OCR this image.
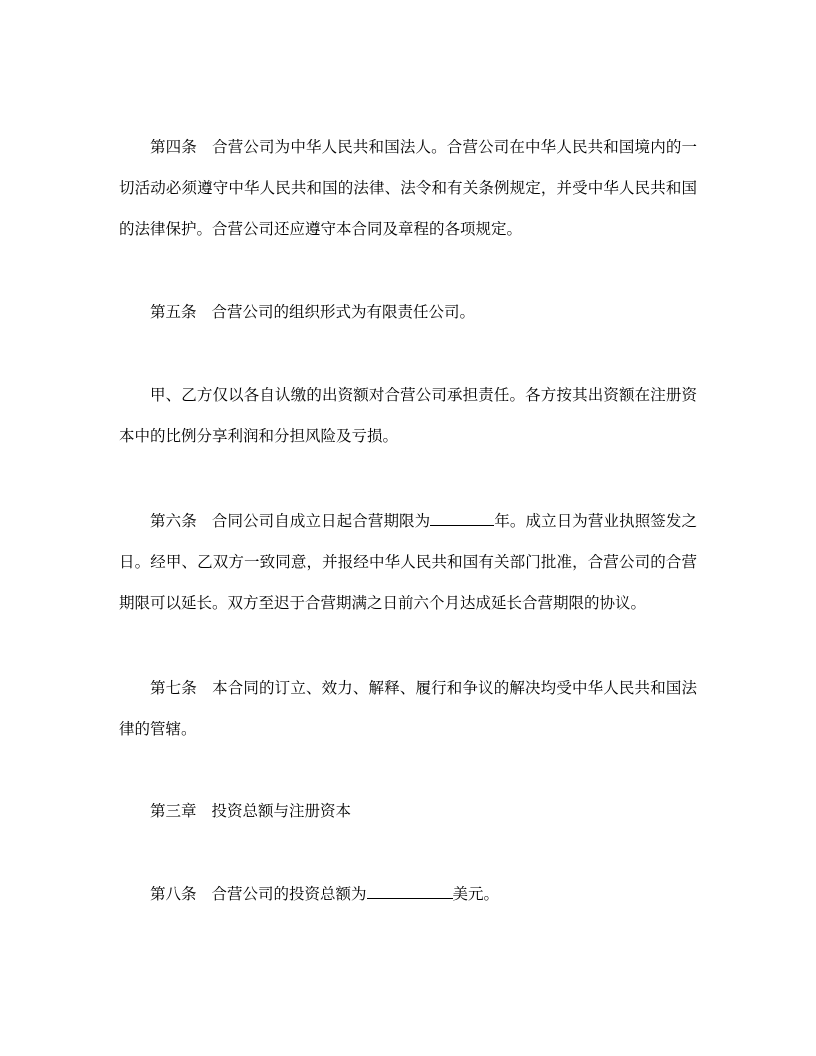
第四条 合营公司为中华人民共和国法人。合营公司在中华人民共和国境内的一切活动必须遵守中华人民共和国的法律、法令和有关条例规定，并受中华人民共和国的法律保护。合营公司还应遵守本合同及章程的各项规定。

第五条 合营公司的组织形式为有限责任公司。

甲、乙方仅以各自认缴的出资额对合营公司承担责任。各方按其出资额在注册资本中的比例分享利润和分担风险及亏损。

第六条 合同公司自成立日起合营期限为	年。成立日为营业执照签发之日。经甲、乙双方一致同意，并报经中华人民共和国有关部门批准，合营公司的合营期限可以延长。双方至迟于合营期满之日前六个月达成延长合营期限的协议。

第七条 本合同的订立、效力、解释、履行和争议的解决均受中华人民共和国法律的管辖。

第三章 投资总额与注册资本

第八条 合营公司的投资总额为	美元。
